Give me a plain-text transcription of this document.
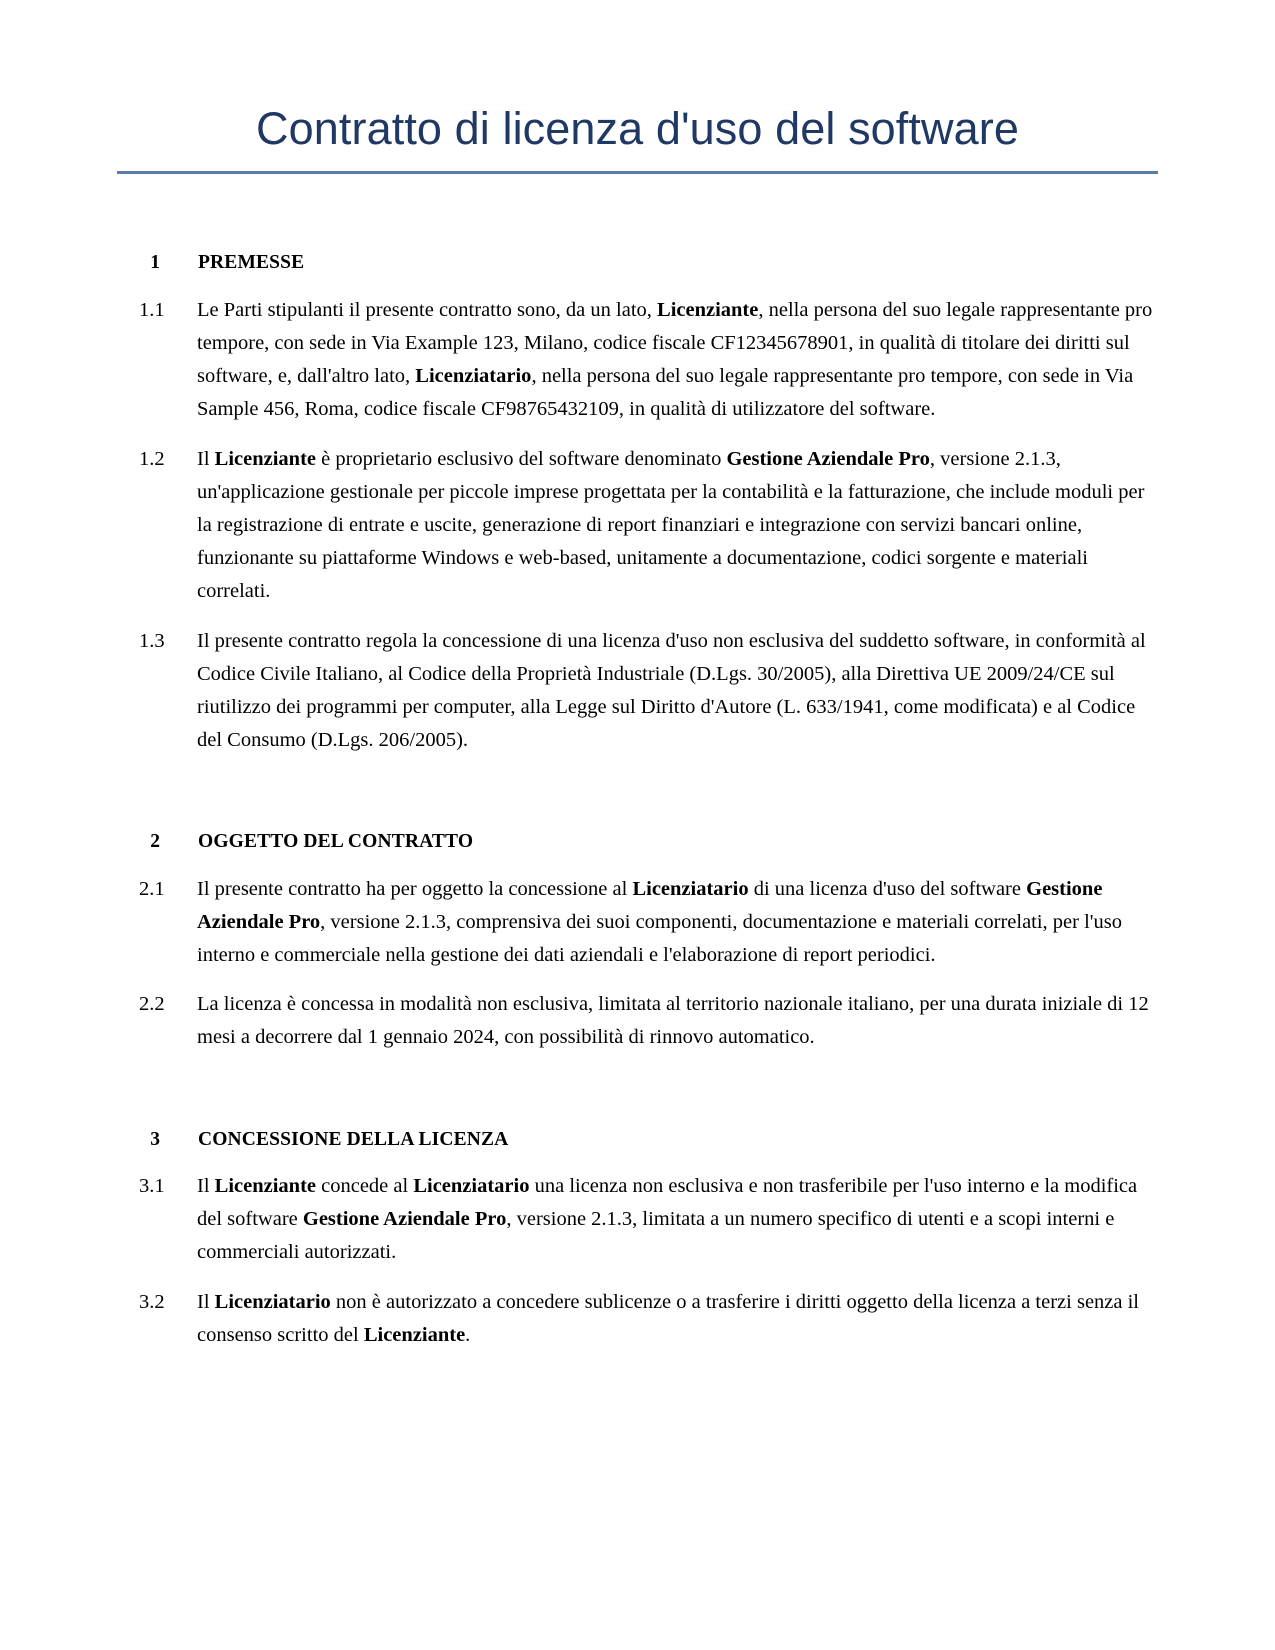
Contratto di licenza d'uso del software
1 PREMESSE
1.1	Le Parti stipulanti il presente contratto sono, da un lato, Licenziante, nella persona del suo legale rappresentante pro tempore, con sede in Via Example 123, Milano, codice fiscale CF12345678901, in qualità di titolare dei diritti sul software, e, dall'altro lato, Licenziatario, nella persona del suo legale rappresentante pro tempore, con sede in Via Sample 456, Roma, codice fiscale CF98765432109, in qualità di utilizzatore del software.
1.2	Il Licenziante è proprietario esclusivo del software denominato Gestione Aziendale Pro, versione 2.1.3, un'applicazione gestionale per piccole imprese progettata per la contabilità e la fatturazione, che include moduli per la registrazione di entrate e uscite, generazione di report finanziari e integrazione con servizi bancari online, funzionante su piattaforme Windows e web-based, unitamente a documentazione, codici sorgente e materiali correlati.
1.3	Il presente contratto regola la concessione di una licenza d'uso non esclusiva del suddetto software, in conformità al Codice Civile Italiano, al Codice della Proprietà Industriale (D.Lgs. 30/2005), alla Direttiva UE 2009/24/CE sul riutilizzo dei programmi per computer, alla Legge sul Diritto d'Autore (L. 633/1941, come modificata) e al Codice del Consumo (D.Lgs. 206/2005).
2 OGGETTO DEL CONTRATTO
2.1	Il presente contratto ha per oggetto la concessione al Licenziatario di una licenza d'uso del software Gestione Aziendale Pro, versione 2.1.3, comprensiva dei suoi componenti, documentazione e materiali correlati, per l'uso interno e commerciale nella gestione dei dati aziendali e l'elaborazione di report periodici.
2.2	La licenza è concessa in modalità non esclusiva, limitata al territorio nazionale italiano, per una durata iniziale di 12 mesi a decorrere dal 1 gennaio 2024, con possibilità di rinnovo automatico.
3 CONCESSIONE DELLA LICENZA
3.1	Il Licenziante concede al Licenziatario una licenza non esclusiva e non trasferibile per l'uso interno e la modifica del software Gestione Aziendale Pro, versione 2.1.3, limitata a un numero specifico di utenti e a scopi interni e commerciali autorizzati.
3.2	Il Licenziatario non è autorizzato a concedere sublicenze o a trasferire i diritti oggetto della licenza a terzi senza il consenso scritto del Licenziante.
